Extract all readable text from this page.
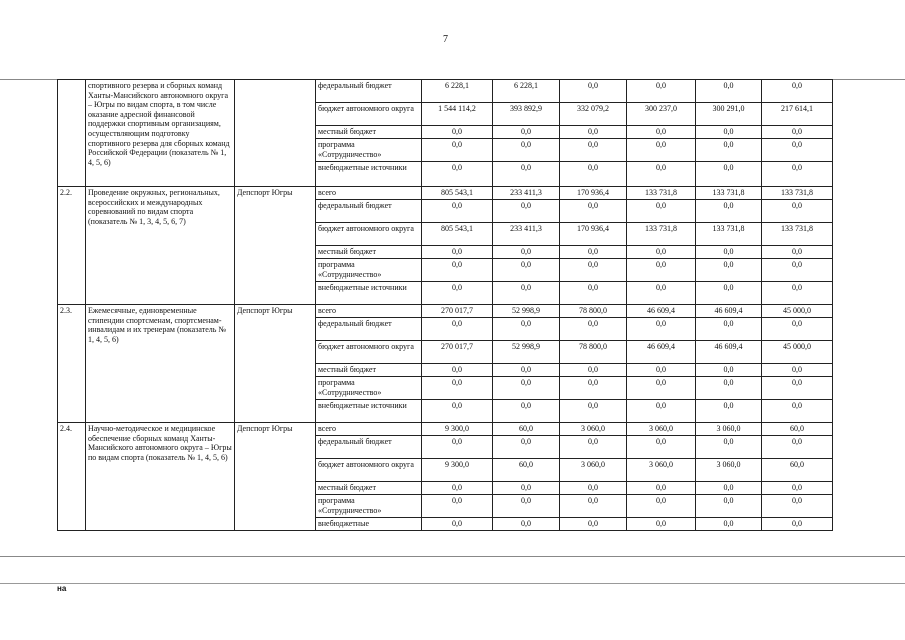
7
на
	спортивного резерва и сборных команд Ханты-Мансийского автономного округа – Югры по видам спорта, в том числе оказание адресной финансовой поддержки спортивным организациям, осуществляющим подготовку спортивного резерва для сборных команд Российской Федерации (показатель № 1, 4, 5, 6)		федеральный бюджет	6 228,1	6 228,1	0,0	0,0	0,0	0,0
			бюджет автономного округа	1 544 114,2	393 892,9	332 079,2	300 237,0	300 291,0	217 614,1
			местный бюджет	0,0	0,0	0,0	0,0	0,0	0,0
			программа «Сотрудничество»	0,0	0,0	0,0	0,0	0,0	0,0
			внебюджетные источники	0,0	0,0	0,0	0,0	0,0	0,0
2.2.	Проведение окружных, региональных, всероссийских и международных соревнований по видам спорта (показатель № 1, 3, 4, 5, 6, 7)	Депспорт Югры	всего	805 543,1	233 411,3	170 936,4	133 731,8	133 731,8	133 731,8
			федеральный бюджет	0,0	0,0	0,0	0,0	0,0	0,0
			бюджет автономного округа	805 543,1	233 411,3	170 936,4	133 731,8	133 731,8	133 731,8
			местный бюджет	0,0	0,0	0,0	0,0	0,0	0,0
			программа «Сотрудничество»	0,0	0,0	0,0	0,0	0,0	0,0
			внебюджетные источники	0,0	0,0	0,0	0,0	0,0	0,0
2.3.	Ежемесячные, единовременные стипендии спортсменам, спортсменам-инвалидам и их тренерам (показатель № 1, 4, 5, 6)	Депспорт Югры	всего	270 017,7	52 998,9	78 800,0	46 609,4	46 609,4	45 000,0
			федеральный бюджет	0,0	0,0	0,0	0,0	0,0	0,0
			бюджет автономного округа	270 017,7	52 998,9	78 800,0	46 609,4	46 609,4	45 000,0
			местный бюджет	0,0	0,0	0,0	0,0	0,0	0,0
			программа «Сотрудничество»	0,0	0,0	0,0	0,0	0,0	0,0
			внебюджетные источники	0,0	0,0	0,0	0,0	0,0	0,0
2.4.	Научно-методическое и медицинское обеспечение сборных команд Ханты-Мансийского автономного округа – Югры по видам спорта (показатель № 1, 4, 5, 6)	Депспорт Югры	всего	9 300,0	60,0	3 060,0	3 060,0	3 060,0	60,0
			федеральный бюджет	0,0	0,0	0,0	0,0	0,0	0,0
			бюджет автономного округа	9 300,0	60,0	3 060,0	3 060,0	3 060,0	60,0
			местный бюджет	0,0	0,0	0,0	0,0	0,0	0,0
			программа «Сотрудничество»	0,0	0,0	0,0	0,0	0,0	0,0
			внебюджетные	0,0	0,0	0,0	0,0	0,0	0,0
